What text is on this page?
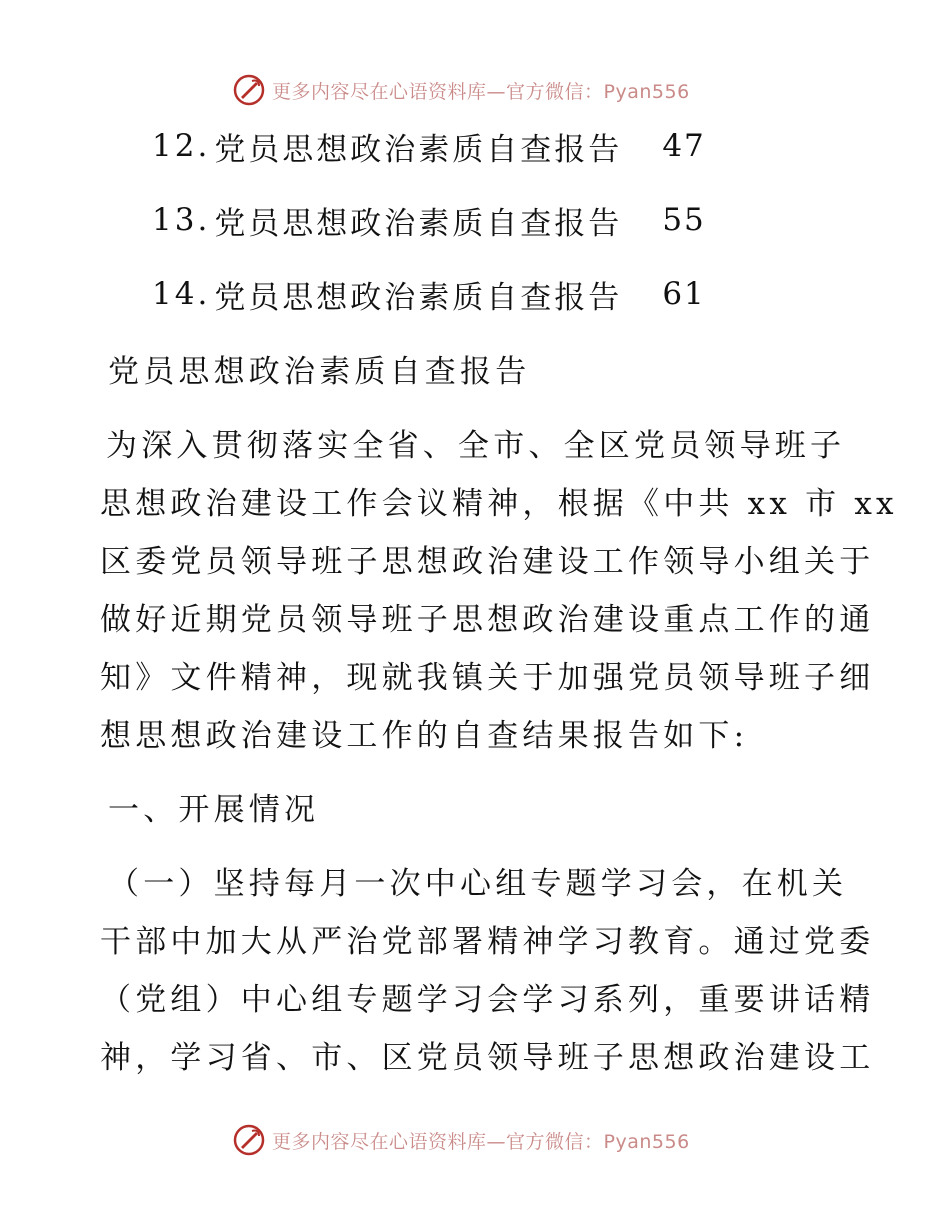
更多内容尽在心语资料库—官方微信：Pyan556
12. 党员思想政治素质自查报告 47
13. 党员思想政治素质自查报告 55
14. 党员思想政治素质自查报告 61
党员思想政治素质自查报告
为深入贯彻落实全省、全市、全区党员领导班子
思想政治建设工作会议精神，根据《中共 xx 市 xx
区委党员领导班子思想政治建设工作领导小组关于
做好近期党员领导班子思想政治建设重点工作的通
知》文件精神，现就我镇关于加强党员领导班子细
想思想政治建设工作的自查结果报告如下:
一、开展情况
（一）坚持每月一次中心组专题学习会，在机关
干部中加大从严治党部署精神学习教育。通过党委
（党组）中心组专题学习会学习系列，重要讲话精
神，学习省、市、区党员领导班子思想政治建设工
更多内容尽在心语资料库—官方微信：Pyan556
